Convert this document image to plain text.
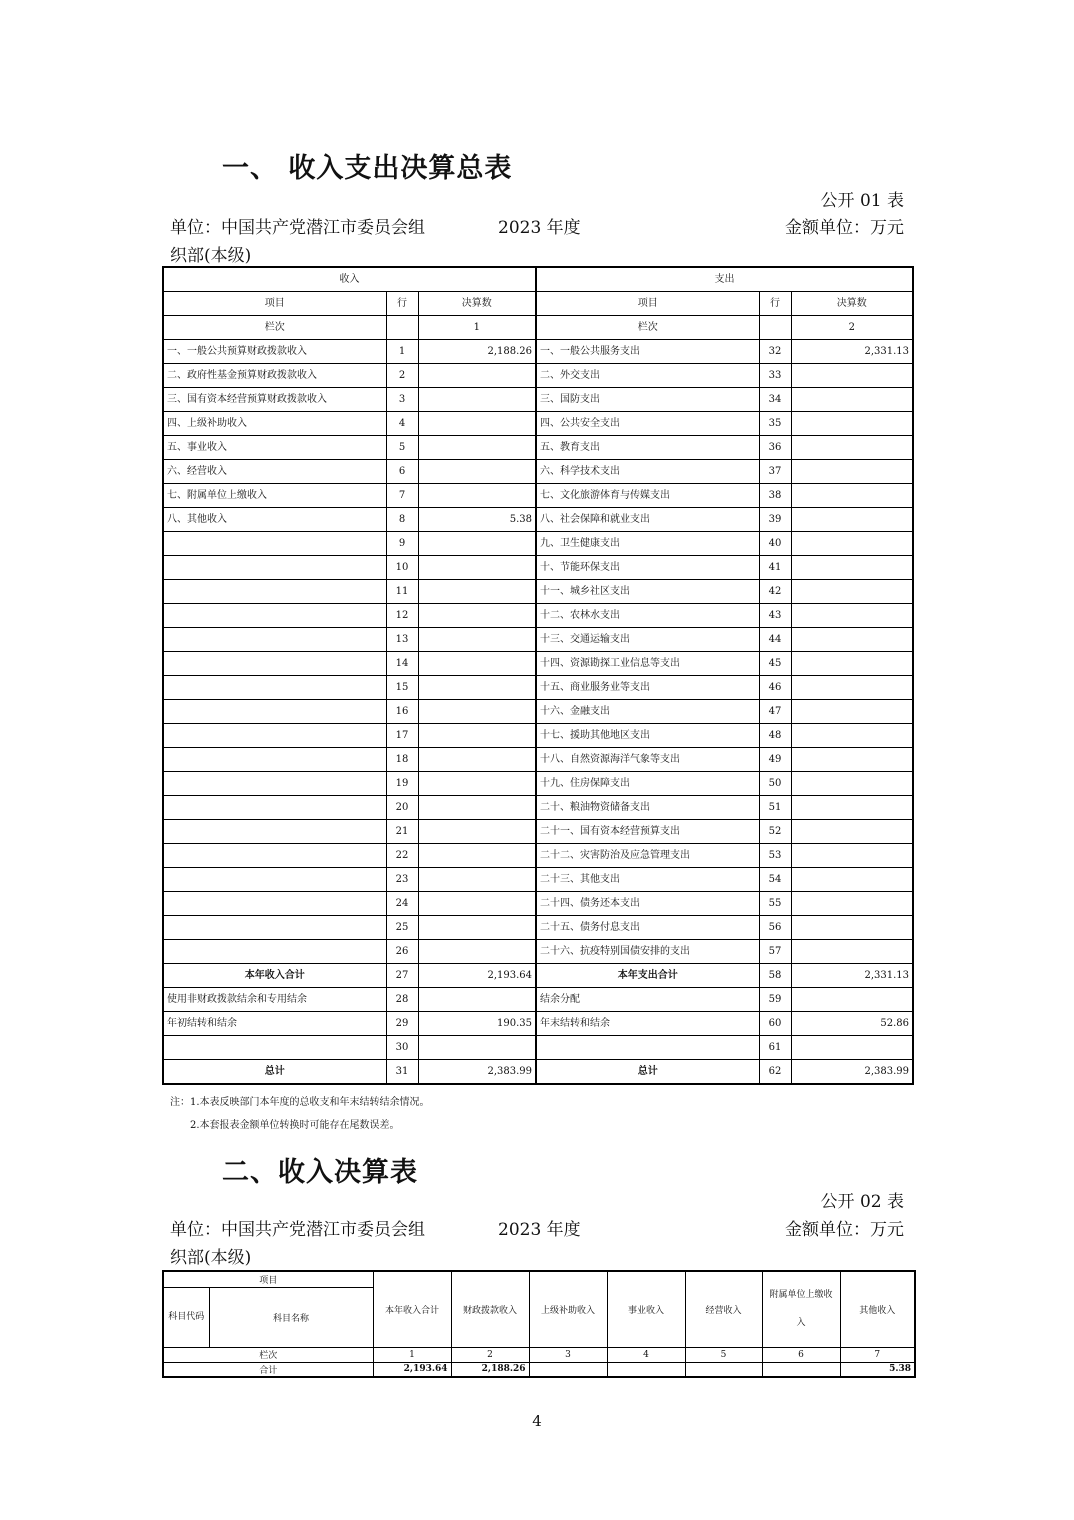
一、 收入支出决算总表
公开 01 表
单位：中国共产党潜江市委员会组	2023 年度	金额单位：万元
织部(本级)
收入			支出		
项目	行	决算数	项目	行	决算数
栏次		1	栏次		2
一、一般公共预算财政拨款收入	1	2,188.26	一、一般公共服务支出	32	2,331.13
二、政府性基金预算财政拨款收入	2		二、外交支出	33	
三、国有资本经营预算财政拨款收入	3		三、国防支出	34	
四、上级补助收入	4		四、公共安全支出	35	
五、事业收入	5		五、教育支出	36	
六、经营收入	6		六、科学技术支出	37	
七、附属单位上缴收入	7		七、文化旅游体育与传媒支出	38	
八、其他收入	8	5.38	八、社会保障和就业支出	39	
	9		九、卫生健康支出	40	
	10		十、节能环保支出	41	
	11		十一、城乡社区支出	42	
	12		十二、农林水支出	43	
	13		十三、交通运输支出	44	
	14		十四、资源勘探工业信息等支出	45	
	15		十五、商业服务业等支出	46	
	16		十六、金融支出	47	
	17		十七、援助其他地区支出	48	
	18		十八、自然资源海洋气象等支出	49	
	19		十九、住房保障支出	50	
	20		二十、粮油物资储备支出	51	
	21		二十一、国有资本经营预算支出	52	
	22		二十二、灾害防治及应急管理支出	53	
	23		二十三、其他支出	54	
	24		二十四、债务还本支出	55	
	25		二十五、债务付息支出	56	
	26		二十六、抗疫特别国债安排的支出	57	
本年收入合计	27	2,193.64	本年支出合计	58	2,331.13
使用非财政拨款结余和专用结余	28		结余分配	59	
年初结转和结余	29	190.35	年末结转和结余	60	52.86
	30			61	
总计	31	2,383.99	总计	62	2,383.99
注：1.本表反映部门本年度的总收支和年末结转结余情况。
2.本套报表金额单位转换时可能存在尾数误差。
二、收入决算表
公开 02 表
单位：中国共产党潜江市委员会组	2023 年度	金额单位：万元
织部(本级)
项目		本年收入合计	财政拨款收入	上级补助收入	事业收入	经营收入	附属单位上缴收入	其他收入
科目代码	科目名称							
栏次		1	2	3	4	5	6	7
合计		2,193.64	2,188.26					5.38
4
